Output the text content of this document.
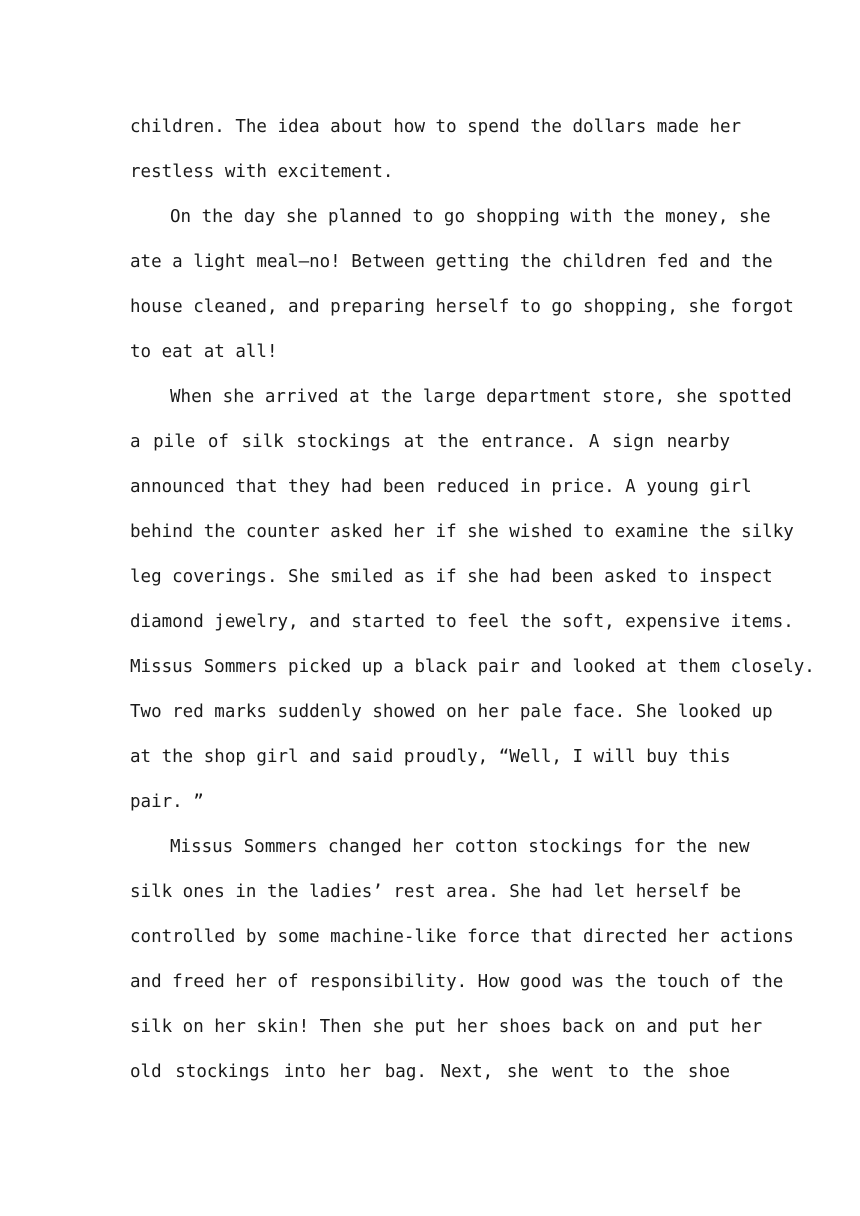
children. The idea about how to spend the dollars made her
restless with excitement.
On the day she planned to go shopping with the money, she
ate a light meal—no! Between getting the children fed and the
house cleaned, and preparing herself to go shopping, she forgot
to eat at all!
When she arrived at the large department store, she spotted
a pile of silk stockings at the entrance. A sign nearby
announced that they had been reduced in price. A young girl
behind the counter asked her if she wished to examine the silky
leg coverings. She smiled as if she had been asked to inspect
diamond jewelry, and started to feel the soft, expensive items.
Missus Sommers picked up a black pair and looked at them closely.
Two red marks suddenly showed on her pale face. She looked up
at the shop girl and said proudly, “Well, I will buy this
pair. ”
Missus Sommers changed her cotton stockings for the new
silk ones in the ladies’ rest area. She had let herself be
controlled by some machine-like force that directed her actions
and freed her of responsibility. How good was the touch of the
silk on her skin! Then she put her shoes back on and put her
old stockings into her bag. Next, she went to the shoe
